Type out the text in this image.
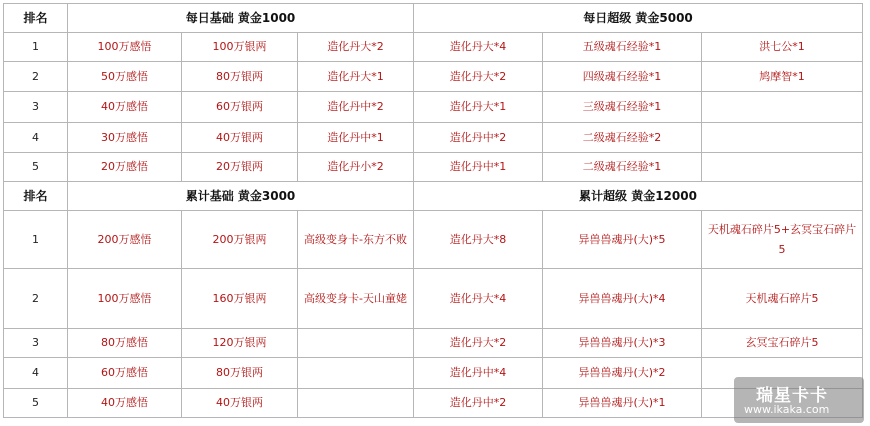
排名	每日基础 黄金1000			每日超级 黄金5000		
1	100万感悟	100万银两	造化丹大*2	造化丹大*4	五级魂石经验*1	洪七公*1
2	50万感悟	80万银两	造化丹大*1	造化丹大*2	四级魂石经验*1	鸠摩智*1
3	40万感悟	60万银两	造化丹中*2	造化丹大*1	三级魂石经验*1	
4	30万感悟	40万银两	造化丹中*1	造化丹中*2	二级魂石经验*2	
5	20万感悟	20万银两	造化丹小*2	造化丹中*1	二级魂石经验*1	
排名	累计基础 黄金3000			累计超级 黄金12000		
1	200万感悟	200万银两	高级变身卡-东方不败	造化丹大*8	异兽兽魂丹(大)*5	天机魂石碎片5+玄冥宝石碎片5
2	100万感悟	160万银两	高级变身卡-天山童姥	造化丹大*4	异兽兽魂丹(大)*4	天机魂石碎片5
3	80万感悟	120万银两		造化丹大*2	异兽兽魂丹(大)*3	玄冥宝石碎片5
4	60万感悟	80万银两		造化丹中*4	异兽兽魂丹(大)*2	
5	40万感悟	40万银两		造化丹中*2	异兽兽魂丹(大)*1		瑞星卡卡
www.ikaka.com
